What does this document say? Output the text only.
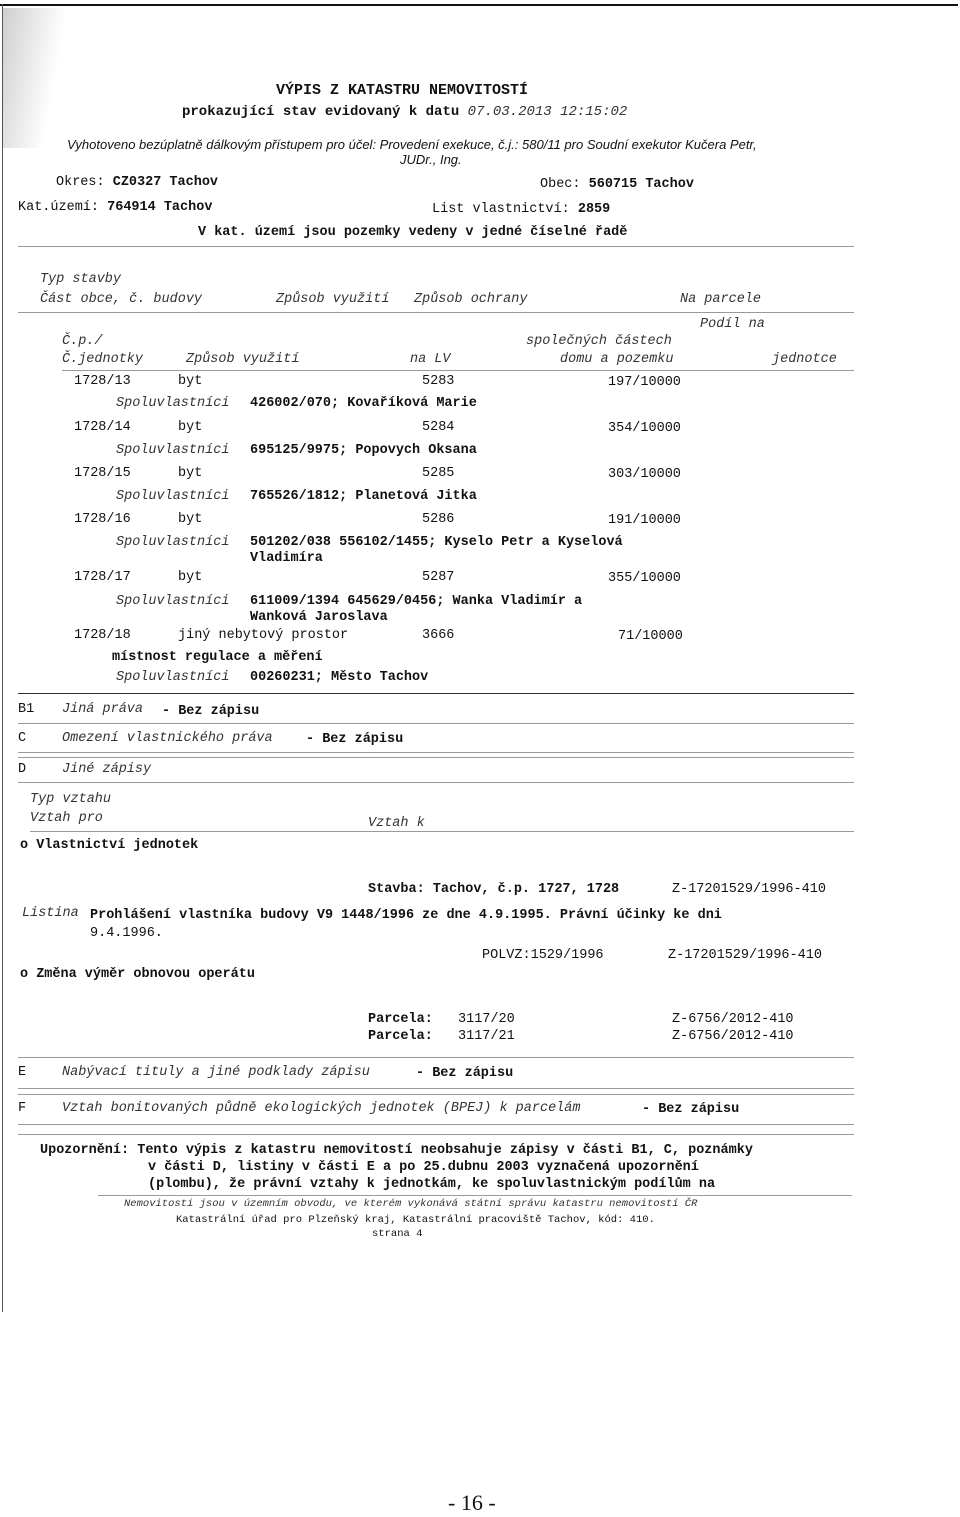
VÝPIS Z KATASTRU NEMOVITOSTÍ
prokazující stav evidovaný k datu 07.03.2013 12:15:02
Vyhotoveno bezúplatně dálkovým přístupem pro účel: Provedení exekuce, č.j.: 580/11 pro Soudní exekutor Kučera Petr,
JUDr., Ing.
Okres: CZ0327 Tachov	Obec: 560715 Tachov
Kat.území: 764914 Tachov	List vlastnictví: 2859
V kat. území jsou pozemky vedeny v jedné číselné řadě
Typ stavby
Část obce, č. budovy	Způsob využití Způsob ochrany	Na parcele
Podíl na
Č.p./	společných částech
Č.jednotky	Způsob využití	na LV	domu a pozemku	jednotce
1728/13	byt	5283	197/10000
Spoluvlastníci 426002/070; Kovaříková Marie
1728/14	byt	5284	354/10000
Spoluvlastníci 695125/9975; Popovych Oksana
1728/15	byt	5285	303/10000
Spoluvlastníci 765526/1812; Planetová Jitka
1728/16	byt	5286	191/10000
Spoluvlastníci 501202/038 556102/1455; Kyselo Petr a Kyselová
Vladimíra
1728/17	byt	5287	355/10000
Spoluvlastníci 611009/1394 645629/0456; Wanka Vladimír a
Wanková Jaroslava
1728/18	jiný nebytový prostor	3666	71/10000
místnost regulace a měření
Spoluvlastníci 00260231; Město Tachov
B1 Jiná práva - Bez zápisu
C	Omezení vlastnického práva - Bez zápisu
D	Jiné zápisy
Typ vztahu
Vztah pro	Vztah k
o Vlastnictví jednotek
Stavba: Tachov, č.p. 1727, 1728	Z-17201529/1996-410
Listina Prohlášení vlastníka budovy V9 1448/1996 ze dne 4.9.1995. Právní účinky ke dni
9.4.1996.
POLVZ:1529/1996	Z-17201529/1996-410
o Změna výměr obnovou operátu
Parcela: 3117/20	Z-6756/2012-410
Parcela: 3117/21	Z-6756/2012-410
E	Nabývací tituly a jiné podklady zápisu	- Bez zápisu
F	Vztah bonitovaných půdně ekologických jednotek (BPEJ) k parcelám	- Bez zápisu
Upozornění: Tento výpis z katastru nemovitostí neobsahuje zápisy v části B1, C, poznámky
v části D, listiny v části E a po 25.dubnu 2003 vyznačená upozornění
(plombu), že právní vztahy k jednotkám, ke spoluvlastnickým podílům na
Nemovitosti jsou v územním obvodu, ve kterém vykonává státní správu katastru nemovitostí ČR
Katastrální úřad pro Plzeňský kraj, Katastrální pracoviště Tachov, kód: 410.
strana 4
- 16 -
